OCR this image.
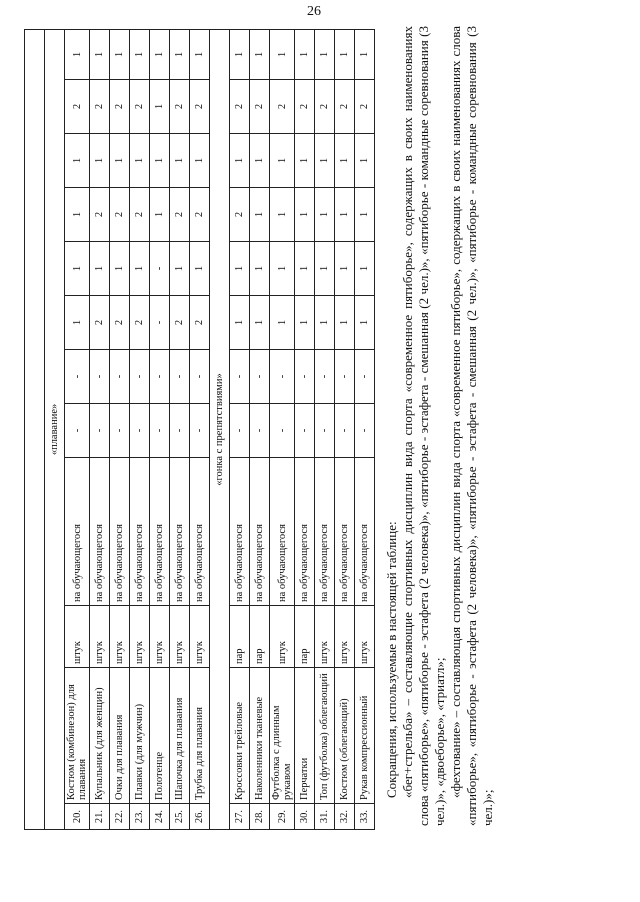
26

«плавание»											
20.	Костюм (комбинезон) для плавания	штук	на обучающегося	-	-	1	1	1	1	2	1
21.	Купальник (для женщин)	штук	на обучающегося	-	-	2	1	2	1	2	1
22.	Очки для плавания	штук	на обучающегося	-	-	2	1	2	1	2	1
23.	Плавки (для мужчин)	штук	на обучающегося	-	-	2	1	2	1	2	1
24.	Полотенце	штук	на обучающегося	-	-	-	-	1	1	1	1
25.	Шапочка для плавания	штук	на обучающегося	-	-	2	1	2	1	2	1
26.	Трубка для плавания	штук	на обучающегося	-	-	2	1	2	1	2	1
«гонка с препятствиями»											
27.	Кроссовки трейловые	пар	на обучающегося	-	-	1	1	2	1	2	1
28.	Наколенники тканевые	пар	на обучающегося	-	-	1	1	1	1	2	1
29.	Футболка с длинным рукавом	штук	на обучающегося	-	-	1	1	1	1	2	1
30.	Перчатки	пар	на обучающегося	-	-	1	1	1	1	2	1
31.	Топ (футболка) облегающий	штук	на обучающегося	-	-	1	1	1	1	2	1
32.	Костюм (облегающий)	штук	на обучающегося	-	-	1	1	1	1	2	1
33.	Рукав компрессионный	штук	на обучающегося	-	-	1	1	1	1	2	1

Сокращения, используемые в настоящей таблице: «бег+стрельба» – составляющие спортивных дисциплин вида спорта «современное пятиборье», содержащих в своих наименованиях слова «пятиборье», «пятиборье - эстафета (2 человека)», «пятиборье - эстафета - смешанная (2 чел.)», «пятиборье - командные соревнования (3 чел.)», «двоеборье», «триатл»; «фехтование» – составляющая спортивных дисциплин вида спорта «современное пятиборье», содержащих в своих наименованиях слова «пятиборье», «пятиборье - эстафета (2 человека)», «пятиборье - эстафета - смешанная (2 чел.)», «пятиборье - командные соревнования (3 чел.)»;
